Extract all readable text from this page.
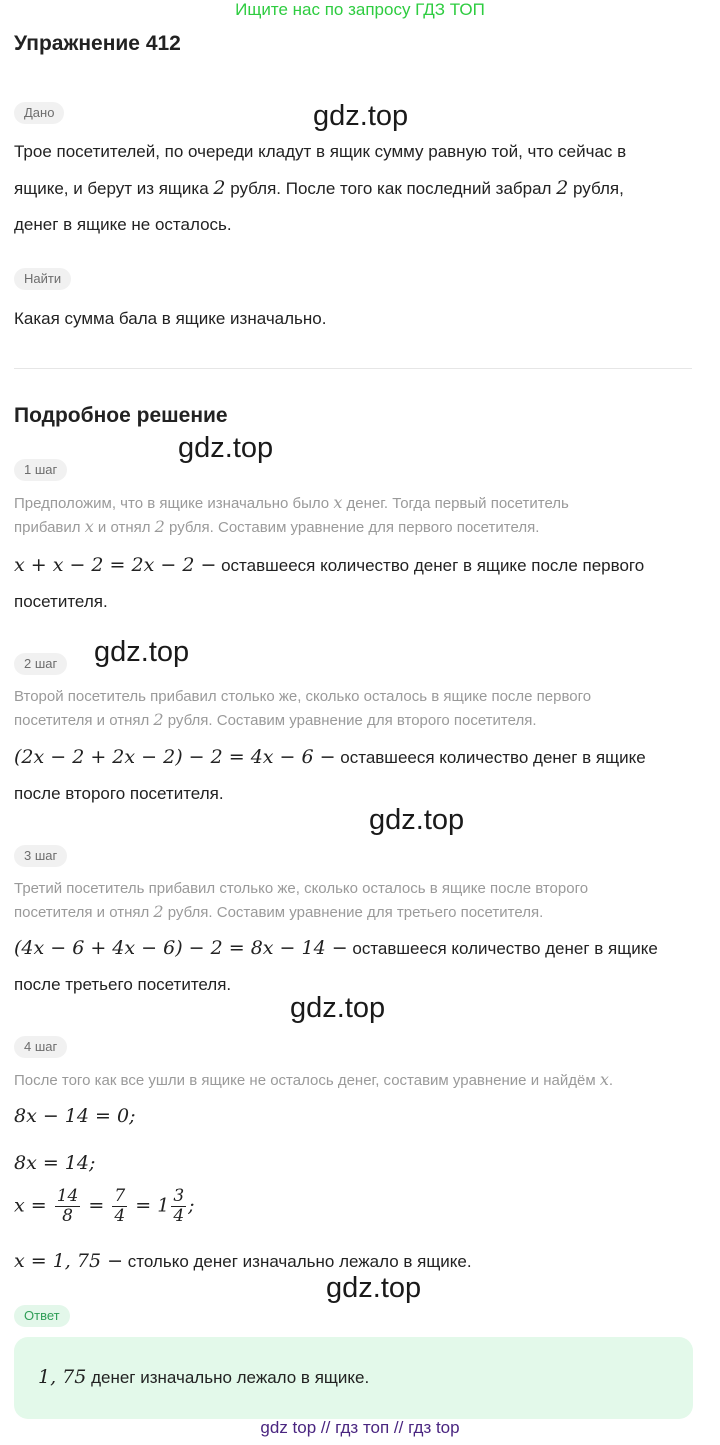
Ищите нас по запросу ГДЗ ТОП
Упражнение 412
Дано	gdz.top
Трое посетителей, по очереди кладут в ящик сумму равную той, что сейчас в
ящике, и берут из ящика 2 рубля. После того как последний забрал 2 рубля,
денег в ящике не осталось.
Найти
Какая сумма бала в ящике изначально.
Подробное решение
gdz.top
1 шаг
Предположим, что в ящике изначально было x денег. Тогда первый посетитель
прибавил x и отнял 2 рубля. Составим уравнение для первого посетителя.
x + x − 2 = 2x − 2 − оставшееся количество денег в ящике после первого
посетителя.
gdz.top
2 шаг
Второй посетитель прибавил столько же, сколько осталось в ящике после первого
посетителя и отнял 2 рубля. Составим уравнение для второго посетителя.
(2x − 2 + 2x − 2) − 2 = 4x − 6 − оставшееся количество денег в ящике
после второго посетителя.
gdz.top
3 шаг
Третий посетитель прибавил столько же, сколько осталось в ящике после второго
посетителя и отнял 2 рубля. Составим уравнение для третьего посетителя.
(4x − 6 + 4x − 6) − 2 = 8x − 14 − оставшееся количество денег в ящике
после третьего посетителя.
gdz.top
4 шаг
После того как все ушли в ящике не осталось денег, составим уравнение и найдём x.
8x − 14 = 0;
8x = 14;
$x = \frac{14}{8} = \frac{7}{4} = 1 \frac{3}{4}$ ;
x = 1, 75 − столько денег изначально лежало в ящике.
gdz.top
Ответ
1, 75 денег изначально лежало в ящике.
gdz top // гдз топ // гдз top
